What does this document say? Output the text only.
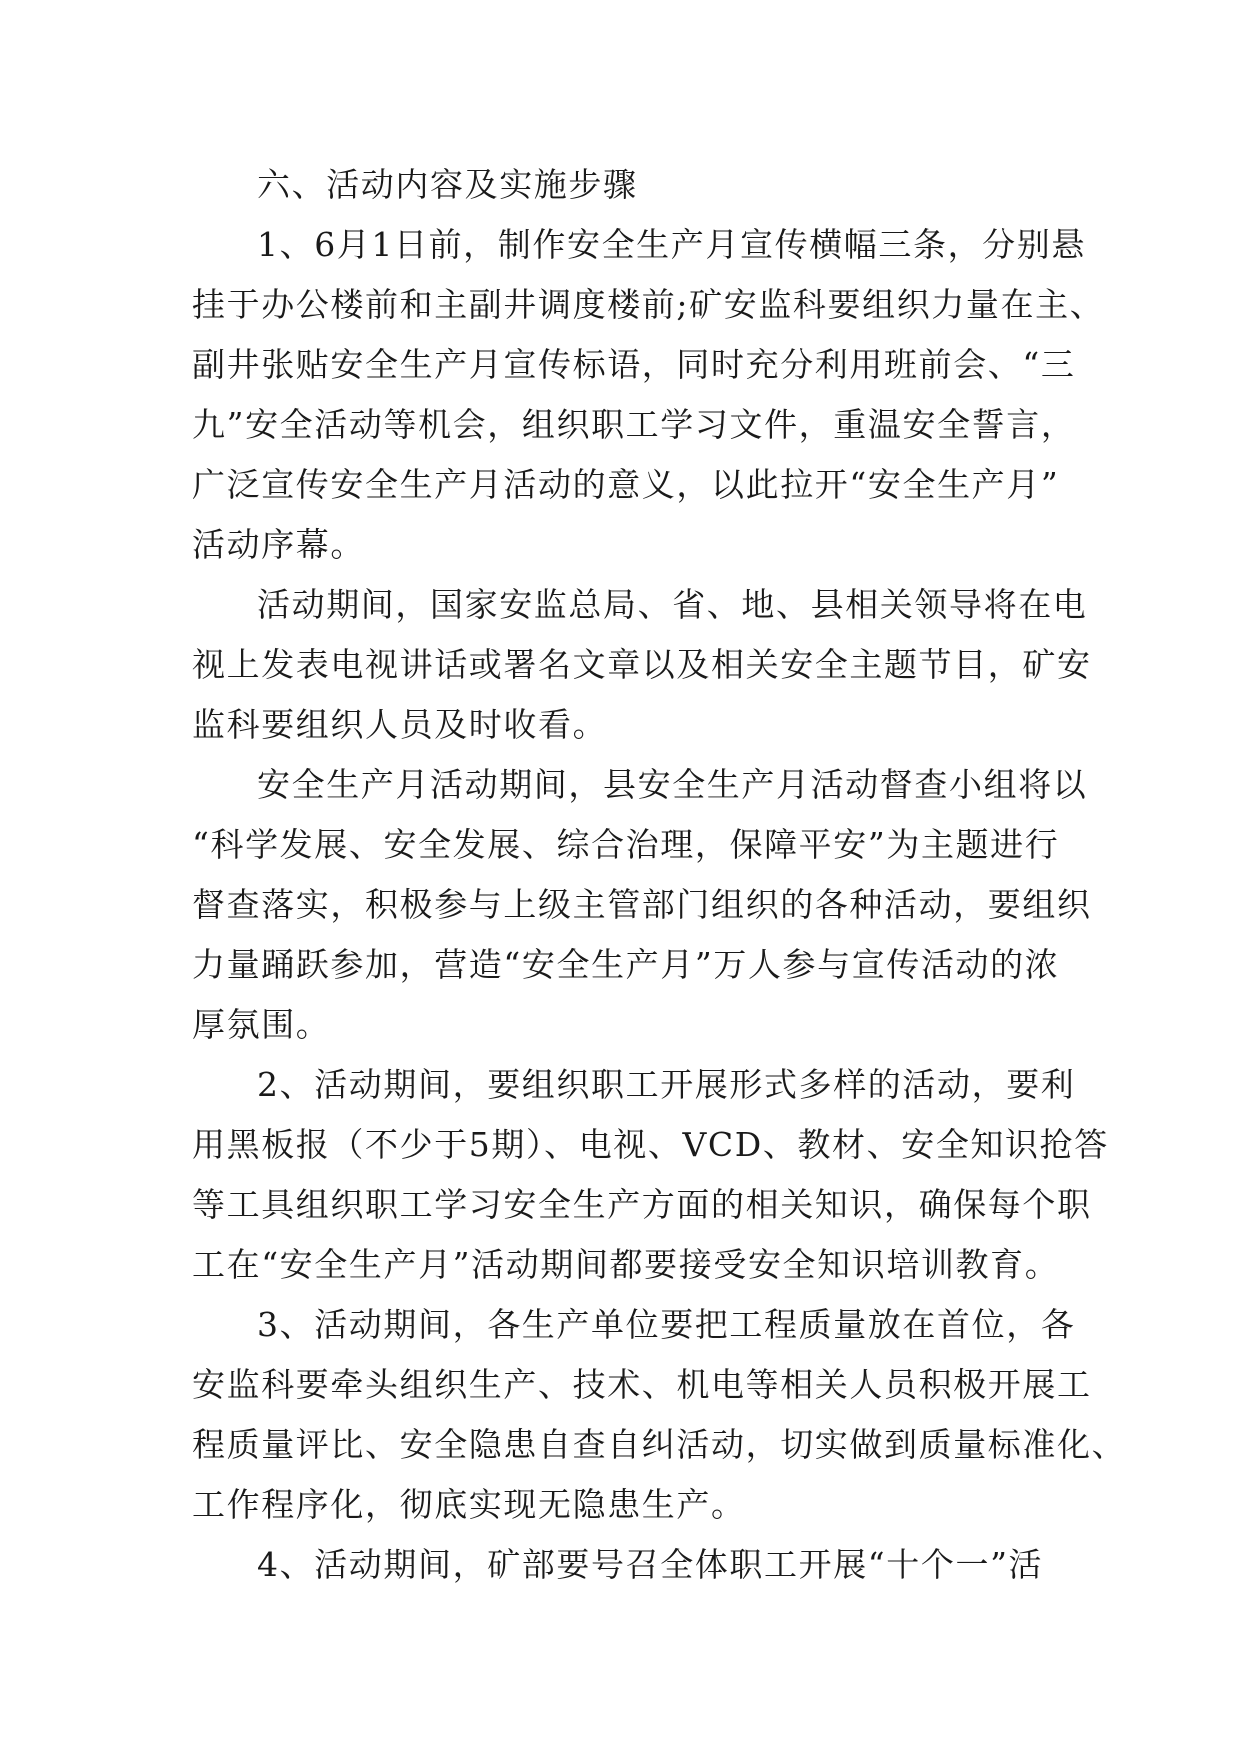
六、活动内容及实施步骤
1、6月1日前，制作安全生产月宣传横幅三条，分别悬
挂于办公楼前和主副井调度楼前;矿安监科要组织力量在主、
副井张贴安全生产月宣传标语，同时充分利用班前会、“三
九”安全活动等机会，组织职工学习文件，重温安全誓言，
广泛宣传安全生产月活动的意义，以此拉开“安全生产月”
活动序幕。
活动期间，国家安监总局、省、地、县相关领导将在电
视上发表电视讲话或署名文章以及相关安全主题节目，矿安
监科要组织人员及时收看。
安全生产月活动期间，县安全生产月活动督查小组将以
“科学发展、安全发展、综合治理，保障平安”为主题进行
督查落实，积极参与上级主管部门组织的各种活动，要组织
力量踊跃参加，营造“安全生产月”万人参与宣传活动的浓
厚氛围。
2、活动期间，要组织职工开展形式多样的活动，要利
用黑板报（不少于5期）、电视、VCD、教材、安全知识抢答
等工具组织职工学习安全生产方面的相关知识，确保每个职
工在“安全生产月”活动期间都要接受安全知识培训教育。
3、活动期间，各生产单位要把工程质量放在首位，各
安监科要牵头组织生产、技术、机电等相关人员积极开展工
程质量评比、安全隐患自查自纠活动，切实做到质量标准化、
工作程序化，彻底实现无隐患生产。
4、活动期间，矿部要号召全体职工开展“十个一”活
